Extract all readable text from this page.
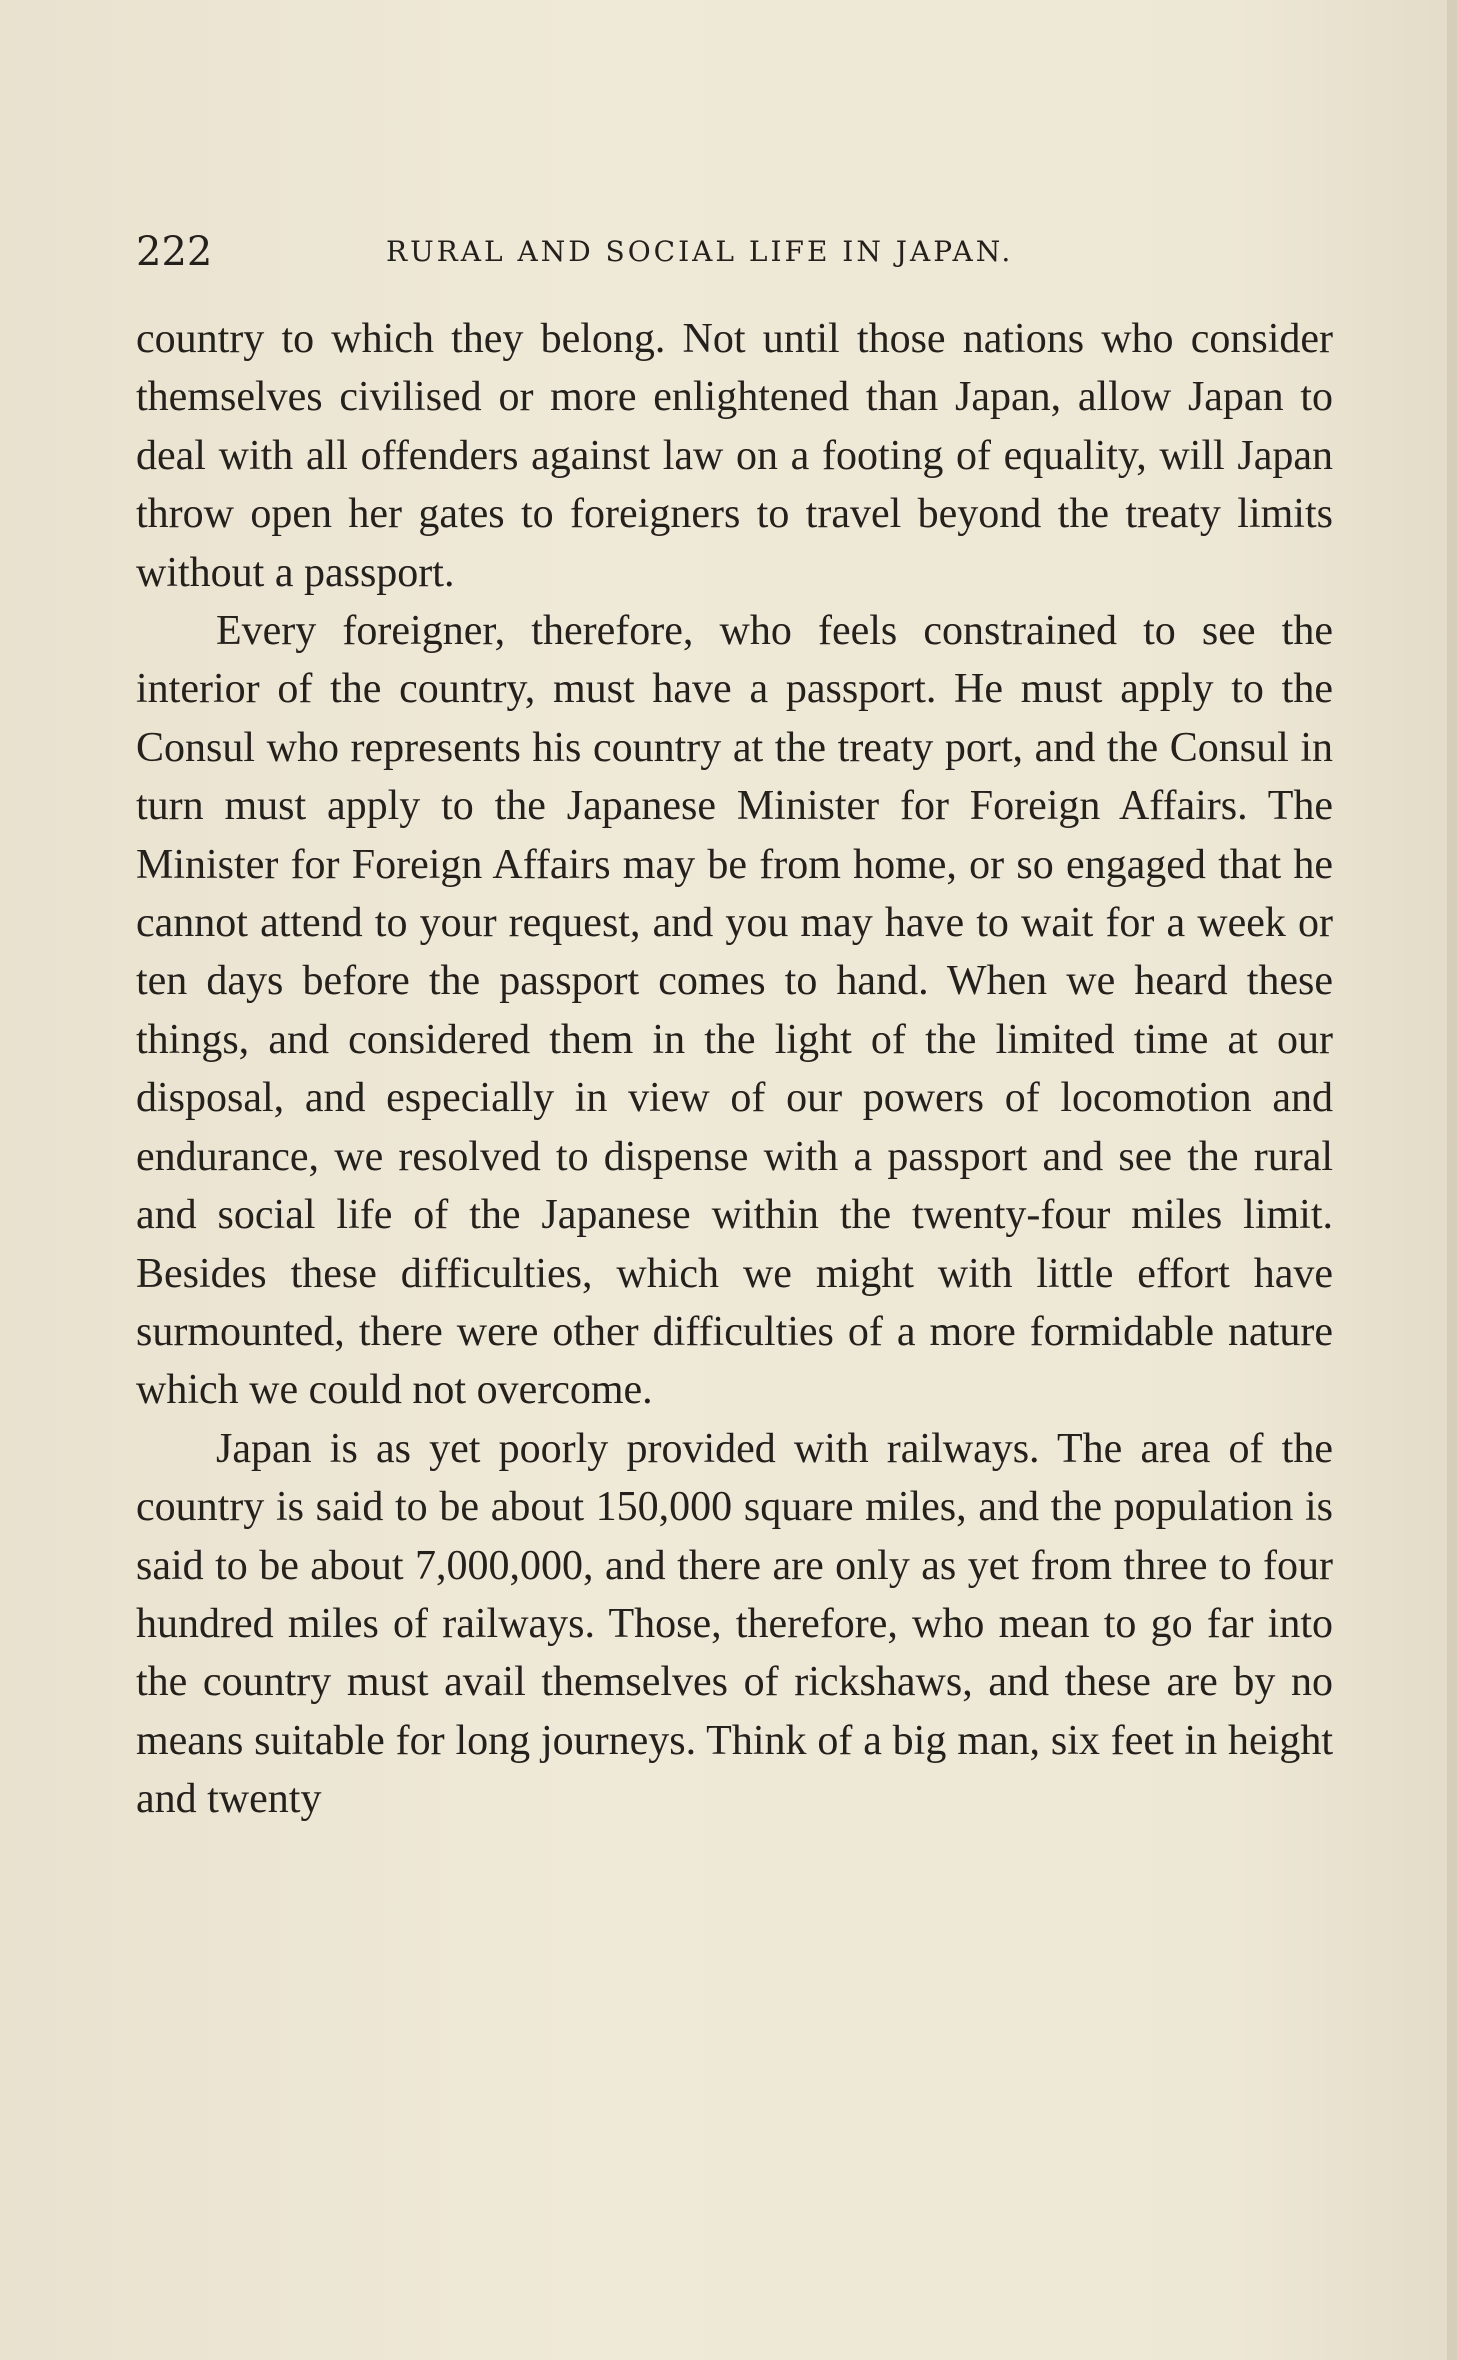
222	RURAL AND SOCIAL LIFE IN JAPAN.

country to which they belong. Not until those nations who consider themselves civilised or more enlightened than Japan, allow Japan to deal with all offenders against law on a footing of equality, will Japan throw open her gates to foreigners to travel beyond the treaty limits without a passport.

Every foreigner, therefore, who feels constrained to see the interior of the country, must have a passport. He must apply to the Consul who represents his country at the treaty port, and the Consul in turn must apply to the Japanese Minister for Foreign Affairs. The Minister for Foreign Affairs may be from home, or so engaged that he cannot attend to your request, and you may have to wait for a week or ten days before the passport comes to hand. When we heard these things, and considered them in the light of the limited time at our disposal, and especially in view of our powers of locomotion and endurance, we resolved to dispense with a passport and see the rural and social life of the Japanese within the twenty-four miles limit. Besides these difficulties, which we might with little effort have surmounted, there were other difficulties of a more formidable nature which we could not overcome.

Japan is as yet poorly provided with railways. The area of the country is said to be about 150,000 square miles, and the population is said to be about 7,000,000, and there are only as yet from three to four hundred miles of railways. Those, therefore, who mean to go far into the country must avail themselves of rickshaws, and these are by no means suitable for long journeys. Think of a big man, six feet in height and twenty
